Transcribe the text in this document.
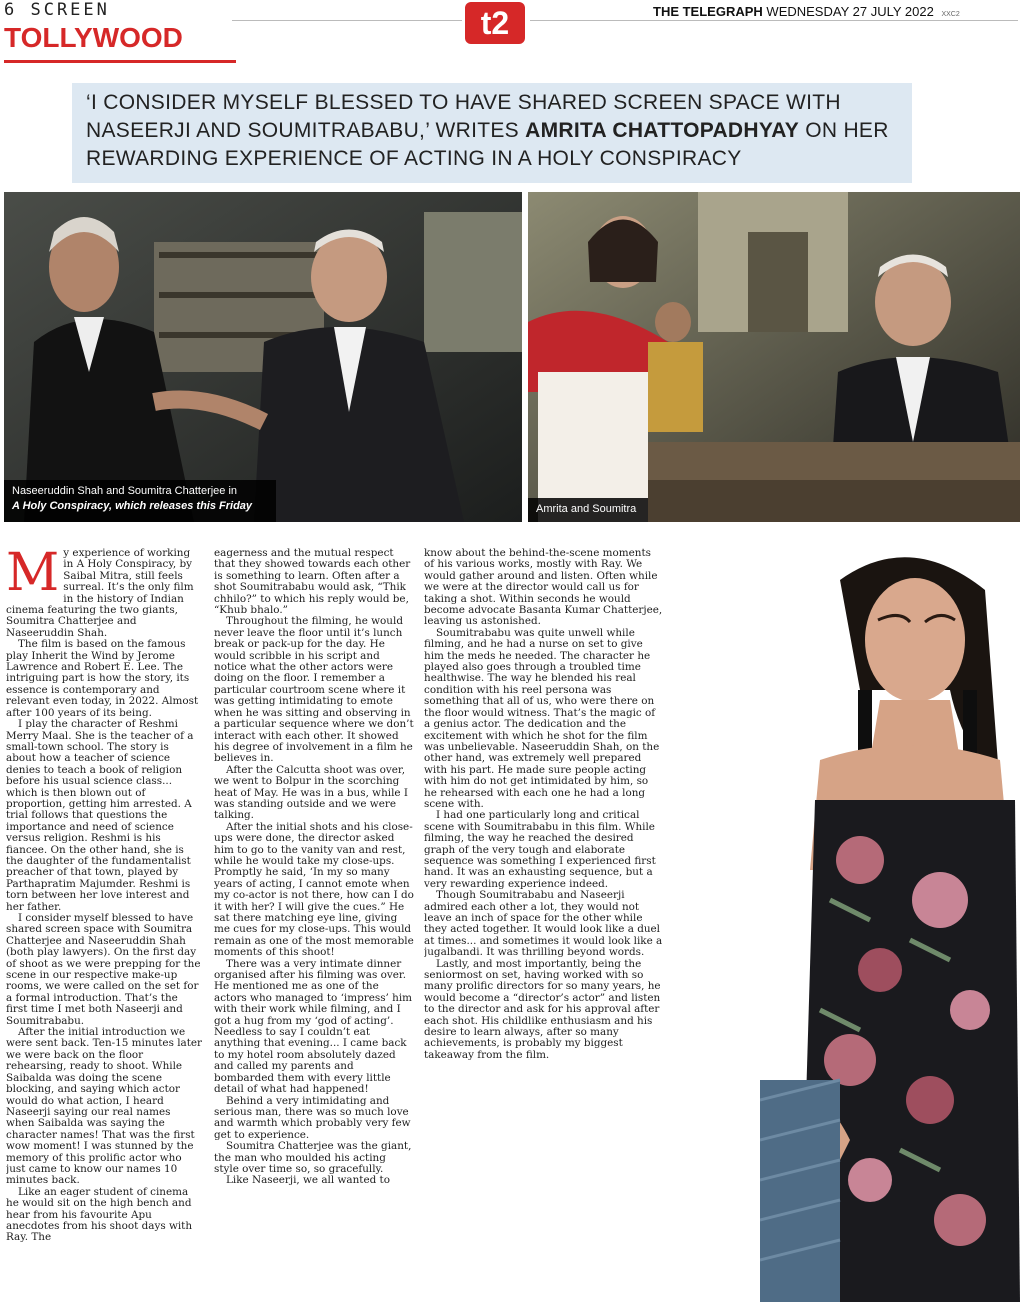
6 SCREEN
TOLLYWOOD	t2	THE TELEGRAPH WEDNESDAY 27 JULY 2022 XXC2
‘I CONSIDER MYSELF BLESSED TO HAVE SHARED SCREEN SPACE WITH NASEERJI AND SOUMITRABABU,’ WRITES AMRITA CHATTOPADHYAY ON HER REWARDING EXPERIENCE OF ACTING IN A HOLY CONSPIRACY
Naseeruddin Shah and Soumitra Chatterjee in
A Holy Conspiracy, which releases this Friday	Amrita and Soumitra
M y experience of working in A Holy Conspiracy, by Saibal Mitra, still feels surreal. It’s the only film in the history of Indian cinema featuring the two giants, Soumitra Chatterjee and Naseeruddin Shah.

The film is based on the famous play Inherit the Wind by Jerome Lawrence and Robert E. Lee. The intriguing part is how the story, its essence is contemporary and relevant even today, in 2022. Almost after 100 years of its being.

I play the character of Reshmi Merry Maal. She is the teacher of a small-town school. The story is about how a teacher of science denies to teach a book of religion before his usual science class... which is then blown out of proportion, getting him arrested. A trial follows that questions the importance and need of science versus religion. Reshmi is his fiancee. On the other hand, she is the daughter of the fundamentalist preacher of that town, played by Parthapratim Majumder. Reshmi is torn between her love interest and her father.

I consider myself blessed to have shared screen space with Soumitra Chatterjee and Naseeruddin Shah (both play lawyers). On the first day of shoot as we were prepping for the scene in our respective make-up rooms, we were called on the set for a formal introduction. That’s the first time I met both Naseerji and Soumitrababu.

After the initial introduction we were sent back. Ten-15 minutes later we were back on the floor rehearsing, ready to shoot. While Saibalda was doing the scene blocking, and saying which actor would do what action, I heard Naseerji saying our real names when Saibalda was saying the character names! That was the first wow moment! I was stunned by the memory of this prolific actor who just came to know our names 10 minutes back.

Like an eager student of cinema he would sit on the high bench and hear from his favourite Apu anecdotes from his shoot days with Ray. The

eagerness and the mutual respect that they showed towards each other is something to learn. Often after a shot Soumitrababu would ask, “Thik chhilo?” to which his reply would be, “Khub bhalo.”

Throughout the filming, he would never leave the floor until it’s lunch break or pack-up for the day. He would scribble in his script and notice what the other actors were doing on the floor. I remember a particular courtroom scene where it was getting intimidating to emote when he was sitting and observing in a particular sequence where we don’t interact with each other. It showed his degree of involvement in a film he believes in.

After the Calcutta shoot was over, we went to Bolpur in the scorching heat of May. He was in a bus, while I was standing outside and we were talking.

After the initial shots and his close-ups were done, the director asked him to go to the vanity van and rest, while he would take my close-ups. Promptly he said, ‘In my so many years of acting, I cannot emote when my co-actor is not there, how can I do it with her? I will give the cues.” He sat there matching eye line, giving me cues for my close-ups. This would remain as one of the most memorable moments of this shoot!

There was a very intimate dinner organised after his filming was over. He mentioned me as one of the actors who managed to ‘impress’ him with their work while filming, and I got a hug from my ‘god of acting’. Needless to say I couldn’t eat anything that evening... I came back to my hotel room absolutely dazed and called my parents and bombarded them with every little detail of what had happened!

Behind a very intimidating and serious man, there was so much love and warmth which probably very few get to experience.

Soumitra Chatterjee was the giant, the man who moulded his acting style over time so, so gracefully.

Like Naseerji, we all wanted to

know about the behind-the-scene moments of his various works, mostly with Ray. We would gather around and listen. Often while we were at the director would call us for taking a shot. Within seconds he would become advocate Basanta Kumar Chatterjee, leaving us astonished.

Soumitrababu was quite unwell while filming, and he had a nurse on set to give him the meds he needed. The character he played also goes through a troubled time healthwise. The way he blended his real condition with his reel persona was something that all of us, who were there on the floor would witness. That’s the magic of a genius actor. The dedication and the excitement with which he shot for the film was unbelievable. Naseeruddin Shah, on the other hand, was extremely well prepared with his part. He made sure people acting with him do not get intimidated by him, so he rehearsed with each one he had a long scene with.

I had one particularly long and critical scene with Soumitrababu in this film. While filming, the way he reached the desired graph of the very tough and elaborate sequence was something I experienced first hand. It was an exhausting sequence, but a very rewarding experience indeed.

Though Soumitrababu and Naseerji admired each other a lot, they would not leave an inch of space for the other while they acted together. It would look like a duel at times... and sometimes it would look like a jugalbandi. It was thrilling beyond words.

Lastly, and most importantly, being the seniormost on set, having worked with so many prolific directors for so many years, he would become a “director’s actor” and listen to the director and ask for his approval after each shot. His childlike enthusiasm and his desire to learn always, after so many achievements, is probably my biggest takeaway from the film.
